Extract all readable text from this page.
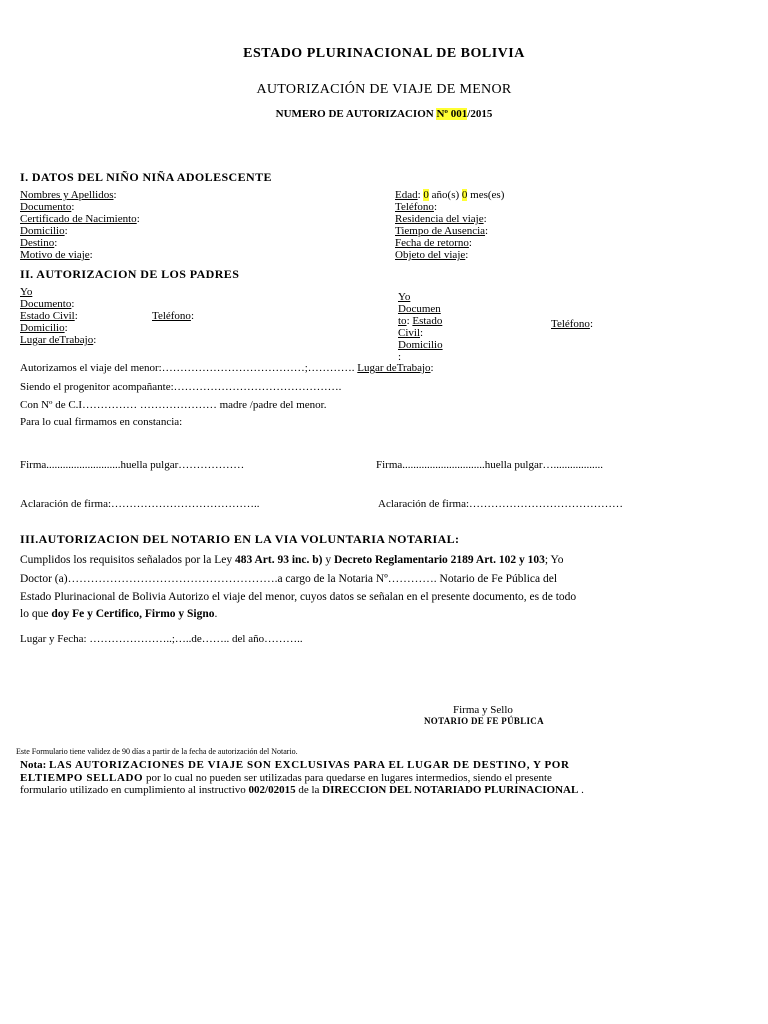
ESTADO PLURINACIONAL DE BOLIVIA
AUTORIZACIÓN DE VIAJE DE MENOR
NUMERO DE AUTORIZACION Nº 001/2015
I. DATOS DEL NIÑO NIÑA ADOLESCENTE
Nombres y Apellidos:
Documento:
Certificado de Nacimiento:
Domicilio:
Destino:
Motivo de viaje:
Edad: 0 año(s) 0 mes(es)
Teléfono:
Residencia del viaje:
Tiempo de Ausencia:
Fecha de retorno:
Objeto del viaje:
II. AUTORIZACION DE LOS PADRES
Yo
Documento:
Estado Civil:
Domicilio:
Lugar deTrabajo:
Teléfono:
Yo
Documen
to: Estado
Civil:
Domicilio
:
Teléfono:
Autorizamos el viaje del menor:…………………………………;…………. Lugar deTrabajo:
Siendo el progenitor acompañante:……………………………………….
Con Nº de C.I…………… ………………… madre /padre del menor.
Para lo cual firmamos en constancia:
Firma...........................huella pulgar………………	Firma..............................huella pulgar…..................
Aclaración de firma:…………………………………..	Aclaración de firma:……………………………………
III.AUTORIZACION DEL NOTARIO EN LA VIA VOLUNTARIA NOTARIAL:
Cumplidos los requisitos señalados por la Ley 483 Art. 93 inc. b) y Decreto Reglamentario 2189 Art. 102 y 103; Yo
Doctor (a)……………………………………………….a cargo de la Notaria Nº…………. Notario de Fe Pública del
Estado Plurinacional de Bolivia Autorizo el viaje del menor, cuyos datos se señalan en el presente documento, es de todo
lo que doy Fe y Certifico, Firmo y Signo.
Lugar y Fecha: …………………..;…..de…….. del año………..
Firma y Sello
NOTARIO DE FE PÚBLICA
Este Formulario tiene validez de 90 días a partir de la fecha de autorización del Notario.
Nota: LAS AUTORIZACIONES DE VIAJE SON EXCLUSIVAS PARA EL LUGAR DE DESTINO, Y POR
ELTIEMPO SELLADO por lo cual no pueden ser utilizadas para quedarse en lugares intermedios, siendo el presente
formulario utilizado en cumplimiento al instructivo 002/02015 de la DIRECCION DEL NOTARIADO PLURINACIONAL .
